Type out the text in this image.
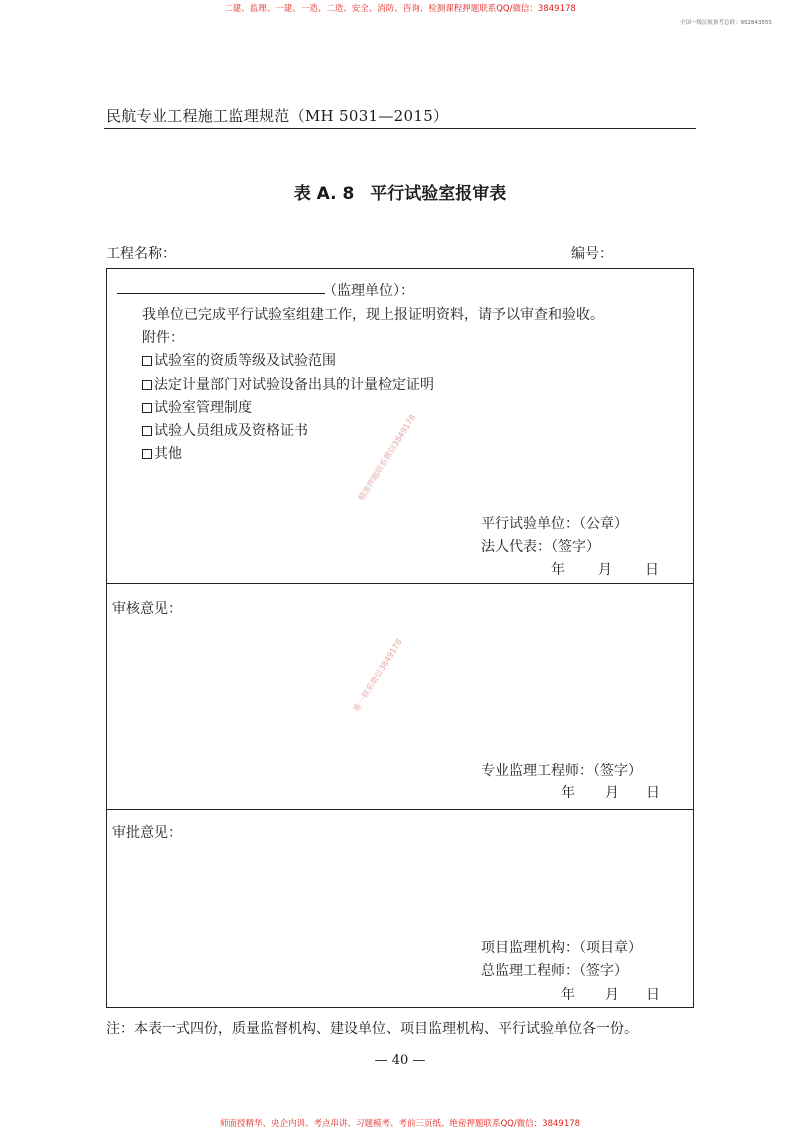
二建、监理、一建、一造、二造、安全、消防、咨询、检测课程押题联系QQ/微信：3849178
全国一级民航备考总群：952843555
民航专业工程施工监理规范（MH 5031—2015）
表 A. 8 平行试验室报审表
工程名称：	编号：
（监理单位）：
我单位已完成平行试验室组建工作，现上报证明资料，请予以审查和验收。
附件：
试验室的资质等级及试验范围
法定计量部门对试验设备出具的计量检定证明
试验室管理制度
试验人员组成及资格证书
其他	精准押题联系微信3849178
平行试验单位：（公章）
法人代表：（签字）
年	月	日
审核意见：
唯一联系微信3849178
专业监理工程师：（签字）
年	月	日
审批意见：
项目监理机构：（项目章）
总监理工程师：（签字）
年	月	日
注：本表一式四份，质量监督机构、建设单位、项目监理机构、平行试验单位各一份。
— 40 —
师面授精华、央企内训、考点串讲、习题模考、考前三页纸、绝密押题联系QQ/微信：3849178
